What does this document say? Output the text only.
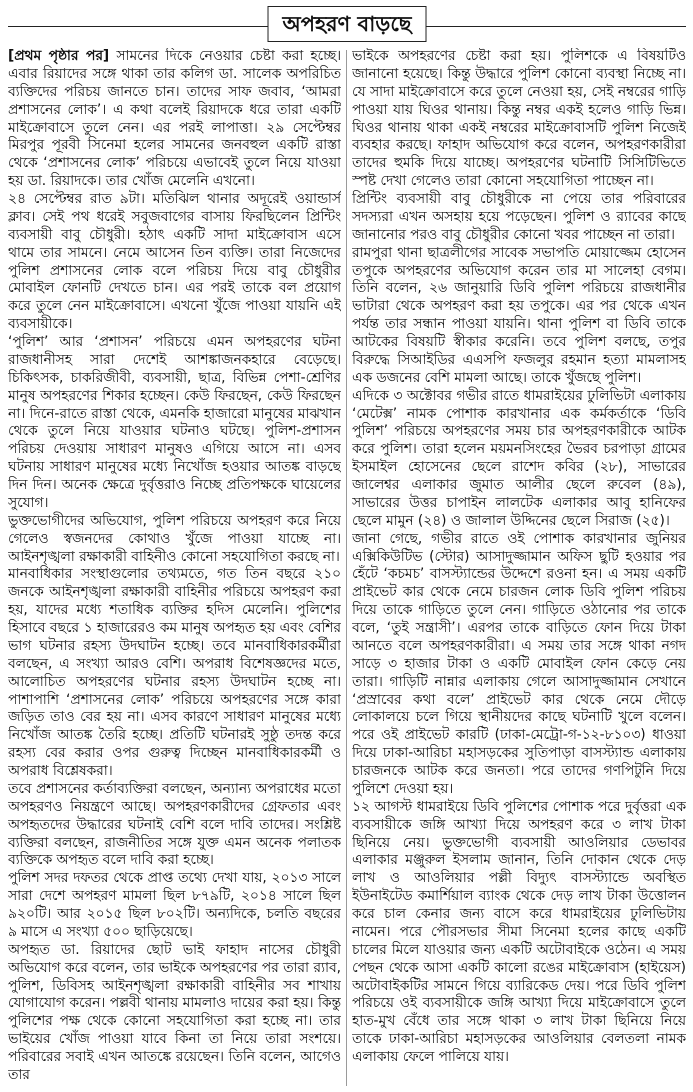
অপহরণ বাড়ছে

[প্রথম পৃষ্ঠার পর] সামনের দিকে নেওয়ার চেষ্টা করা হচ্ছে। এবার রিয়াদের সঙ্গে থাকা তার কলিগ ডা. সালেক অপরিচিত ব্যক্তিদের পরিচয় জানতে চান। তাদের সাফ জবাব, ‘আমরা প্রশাসনের লোক’। এ কথা বলেই রিয়াদকে ধরে তারা একটি মাইক্রোবাসে তুলে নেন। এর পরই লাপাত্তা। ২৯ সেপ্টেম্বর মিরপুর পূরবী সিনেমা হলের সামনের জনবহুল একটি রাস্তা থেকে ‘প্রশাসনের লোক’ পরিচয়ে এভাবেই তুলে নিয়ে যাওয়া হয় ডা. রিয়াদকে। তার খোঁজ মেলেনি এখনো।

২৪ সেপ্টেম্বর রাত ৯টা। মতিঝিল থানার অদূরেই ওয়ান্ডার্স ক্লাব। সেই পথ ধরেই সবুজবাগের বাসায় ফিরছিলেন প্রিন্টিং ব্যবসায়ী বাবু চৌধুরী। হঠাৎ একটি সাদা মাইক্রোবাস এসে থামে তার সামনে। নেমে আসেন তিন ব্যক্তি। তারা নিজেদের পুলিশ প্রশাসনের লোক বলে পরিচয় দিয়ে বাবু চৌধুরীর মোবাইল ফোনটি দেখতে চান। এর পরই তাকে বল প্রয়োগ করে তুলে নেন মাইক্রোবাসে। এখনো খুঁজে পাওয়া যায়নি এই ব্যবসায়ীকে।

‘পুলিশ’ আর ‘প্রশাসন’ পরিচয়ে এমন অপহরণের ঘটনা রাজধানীসহ সারা দেশেই আশঙ্কাজনকহারে বেড়েছে। চিকিৎসক, চাকরিজীবী, ব্যবসায়ী, ছাত্র, বিভিন্ন পেশা-শ্রেণির মানুষ অপহরণের শিকার হচ্ছেন। কেউ ফিরছেন, কেউ ফিরছেন না। দিনে-রাতে রাস্তা থেকে, এমনকি হাজারো মানুষের মাঝখান থেকে তুলে নিয়ে যাওয়ার ঘটনাও ঘটছে। পুলিশ-প্রশাসন পরিচয় দেওয়ায় সাধারণ মানুষও এগিয়ে আসে না। এসব ঘটনায় সাধারণ মানুষের মধ্যে নিখোঁজ হওয়ার আতঙ্ক বাড়ছে দিন দিন। অনেক ক্ষেত্রে দুর্বৃত্তরাও নিচ্ছে প্রতিপক্ষকে ঘায়েলের সুযোগ।

ভুক্তভোগীদের অভিযোগ, পুলিশ পরিচয়ে অপহরণ করে নিয়ে গেলেও স্বজনদের কোথাও খুঁজে পাওয়া যাচ্ছে না। আইনশৃঙ্খলা রক্ষাকারী বাহিনীও কোনো সহযোগিতা করছে না।

মানবাধিকার সংস্থাগুলোর তথ্যমতে, গত তিন বছরে ২১০ জনকে আইনশৃঙ্খলা রক্ষাকারী বাহিনীর পরিচয়ে অপহরণ করা হয়, যাদের মধ্যে শতাধিক ব্যক্তির হদিস মেলেনি। পুলিশের হিসাবে বছরে ১ হাজারেরও কম মানুষ অপহৃত হয় এবং বেশির ভাগ ঘটনার রহস্য উদঘাটন হচ্ছে। তবে মানবাধিকারকর্মীরা বলছেন, এ সংখ্যা আরও বেশি। অপরাধ বিশেষজ্ঞদের মতে, আলোচিত অপহরণের ঘটনার রহস্য উদঘাটন হচ্ছে না। পাশাপাশি ‘প্রশাসনের লোক’ পরিচয়ে অপহরণের সঙ্গে কারা জড়িত তাও বের হয় না। এসব কারণে সাধারণ মানুষের মধ্যে নিখোঁজ আতঙ্ক তৈরি হচ্ছে। প্রতিটি ঘটনারই সুষ্ঠু তদন্ত করে রহস্য বের করার ওপর গুরুত্ব দিচ্ছেন মানবাধিকারকর্মী ও অপরাধ বিশ্লেষকরা।

তবে প্রশাসনের কর্তাব্যক্তিরা বলছেন, অন্যান্য অপরাধের মতো অপহরণও নিয়ন্ত্রণে আছে। অপহরণকারীদের গ্রেফতার এবং অপহৃতদের উদ্ধারের ঘটনাই বেশি বলে দাবি তাদের। সংশ্লিষ্ট ব্যক্তিরা বলছেন, রাজনীতির সঙ্গে যুক্ত এমন অনেক পলাতক ব্যক্তিকে অপহৃত বলে দাবি করা হচ্ছে।

পুলিশ সদর দফতর থেকে প্রাপ্ত তথ্যে দেখা যায়, ২০১৩ সালে সারা দেশে অপহরণ মামলা ছিল ৮৭৯টি, ২০১৪ সালে ছিল ৯২০টি। আর ২০১৫ ছিল ৮০২টি। অন্যদিকে, চলতি বছরের ৯ মাসে এ সংখ্যা ৫০০ ছাড়িয়েছে।

অপহৃত ডা. রিয়াদের ছোট ভাই ফাহাদ নাসের চৌধুরী অভিযোগ করে বলেন, তার ভাইকে অপহরণের পর তারা র‌্যাব, পুলিশ, ডিবিসহ আইনশৃঙ্খলা রক্ষাকারী বাহিনীর সব শাখায় যোগাযোগ করেন। পল্লবী থানায় মামলাও দায়ের করা হয়। কিন্তু পুলিশের পক্ষ থেকে কোনো সহযোগিতা করা হচ্ছে না। তার ভাইয়ের খোঁজ পাওয়া যাবে কিনা তা নিয়ে তারা সংশয়ে। পরিবারের সবাই এখন আতঙ্কে রয়েছেন। তিনি বলেন, আগেও তার

ভাইকে অপহরণের চেষ্টা করা হয়। পুলিশকে এ বিষয়টিও জানানো হয়েছে। কিন্তু উদ্ধারে পুলিশ কোনো ব্যবস্থা নিচ্ছে না। যে সাদা মাইক্রোবাসে করে তুলে নেওয়া হয়, সেই নম্বরের গাড়ি পাওয়া যায় ঘিওর থানায়। কিন্তু নম্বর একই হলেও গাড়ি ভিন্ন। ঘিওর থানায় থাকা একই নম্বরের মাইক্রোবাসটি পুলিশ নিজেই ব্যবহার করছে। ফাহাদ অভিযোগ করে বলেন, অপহরণকারীরা তাদের হুমকি দিয়ে যাচ্ছে। অপহরণের ঘটনাটি সিসিটিভিতে স্পষ্ট দেখা গেলেও তারা কোনো সহযোগিতা পাচ্ছেন না।

প্রিন্টিং ব্যবসায়ী বাবু চৌধুরীকে না পেয়ে তার পরিবারের সদস্যরা এখন অসহায় হয়ে পড়েছেন। পুলিশ ও র‌্যাবের কাছে জানানোর পরও বাবু চৌধুরীর কোনো খবর পাচ্ছেন না তারা।

রামপুরা থানা ছাত্রলীগের সাবেক সভাপতি মোয়াজ্জেম হোসেন তপুকে অপহরণের অভিযোগ করেন তার মা সালেহা বেগম। তিনি বলেন, ২৬ জানুয়ারি ডিবি পুলিশ পরিচয়ে রাজধানীর ভাটারা থেকে অপহরণ করা হয় তপুকে। এর পর থেকে এখন পর্যন্ত তার সন্ধান পাওয়া যায়নি। থানা পুলিশ বা ডিবি তাকে আটকের বিষয়টি স্বীকার করেনি। তবে পুলিশ বলছে, তপুর বিরুদ্ধে সিআইডির এএসপি ফজলুর রহমান হত্যা মামলাসহ এক ডজনের বেশি মামলা আছে। তাকে খুঁজছে পুলিশ।

এদিকে ৩ অক্টোবর গভীর রাতে ধামরাইয়ের ঢুলিভিটা এলাকায় ‘মেটেক্স’ নামক পোশাক কারখানার এক কর্মকর্তাকে ‘ডিবি পুলিশ’ পরিচয়ে অপহরণের সময় চার অপহরণকারীকে আটক করে পুলিশ। তারা হলেন ময়মনসিংহের ভৈরব চরপাড়া গ্রামের ইসমাইল হোসেনের ছেলে রাশেদ কবির (২৮), সাভারের জালেশ্বর এলাকার জুমাত আলীর ছেলে রুবেল (৪৯), সাভারের উত্তর চাপাইন লালটেক এলাকার আবু হানিফের ছেলে মামুন (২৪) ও জালাল উদ্দিনের ছেলে সিরাজ (২৫)।

জানা গেছে, গভীর রাতে ওই পোশাক কারখানার জুনিয়র এক্সিকিউটিভ (স্টোর) আসাদুজ্জামান অফিস ছুটি হওয়ার পর হেঁটে ‘কচমচ’ বাসস্ট্যান্ডের উদ্দেশে রওনা হন। এ সময় একটি প্রাইভেট কার থেকে নেমে চারজন লোক ডিবি পুলিশ পরিচয় দিয়ে তাকে গাড়িতে তুলে নেন। গাড়িতে ওঠানোর পর তাকে বলে, ‘তুই সন্ত্রাসী’। এরপর তাকে বাড়িতে ফোন দিয়ে টাকা আনতে বলে অপহরণকারীরা। এ সময় তার সঙ্গে থাকা নগদ সাড়ে ৩ হাজার টাকা ও একটি মোবাইল ফোন কেড়ে নেয় তারা। গাড়িটি নান্নার এলাকায় গেলে আসাদুজ্জামান সেখানে ‘প্রস্রাবের কথা বলে’ প্রাইভেট কার থেকে নেমে দৌড়ে লোকালয়ে চলে গিয়ে স্থানীয়দের কাছে ঘটনাটি খুলে বলেন। পরে ওই প্রাইভেট কারটি (ঢাকা-মেট্রো-গ-১২-৮১০৩) ধাওয়া দিয়ে ঢাকা-আরিচা মহাসড়কের সুতিপাড়া বাসস্ট্যান্ড এলাকায় চারজনকে আটক করে জনতা। পরে তাদের গণপিটুনি দিয়ে পুলিশে দেওয়া হয়।

১২ আগস্ট ধামরাইয়ে ডিবি পুলিশের পোশাক পরে দুর্বৃত্তরা এক ব্যবসায়ীকে জঙ্গি আখ্যা দিয়ে অপহরণ করে ৩ লাখ টাকা ছিনিয়ে নেয়। ভুক্তভোগী ব্যবসায়ী আওলিয়ার ডেভাবর এলাকার মঞ্জুরুল ইসলাম জানান, তিনি দোকান থেকে দেড় লাখ ও আওলিয়ার পল্লী বিদ্যুৎ বাসস্ট্যান্ডে অবস্থিত ইউনাইটেড কমার্শিয়াল ব্যাংক থেকে দেড় লাখ টাকা উত্তোলন করে চাল কেনার জন্য বাসে করে ধামরাইয়ের ঢুলিভিটায় নামেন। পরে পৌরসভার সীমা সিনেমা হলের কাছে একটি চালের মিলে যাওয়ার জন্য একটি অটোবাইকে ওঠেন। এ সময় পেছন থেকে আসা একটি কালো রঙের মাইক্রোবাস (হাইয়েস) অটোবাইকটির সামনে গিয়ে ব্যারিকেড দেয়। পরে ডিবি পুলিশ পরিচয়ে ওই ব্যবসায়ীকে জঙ্গি আখ্যা দিয়ে মাইক্রোবাসে তুলে হাত-মুখ বেঁধে তার সঙ্গে থাকা ৩ লাখ টাকা ছিনিয়ে নিয়ে তাকে ঢাকা-আরিচা মহাসড়কের আওলিয়ার বেলতলা নামক এলাকায় ফেলে পালিয়ে যায়।
